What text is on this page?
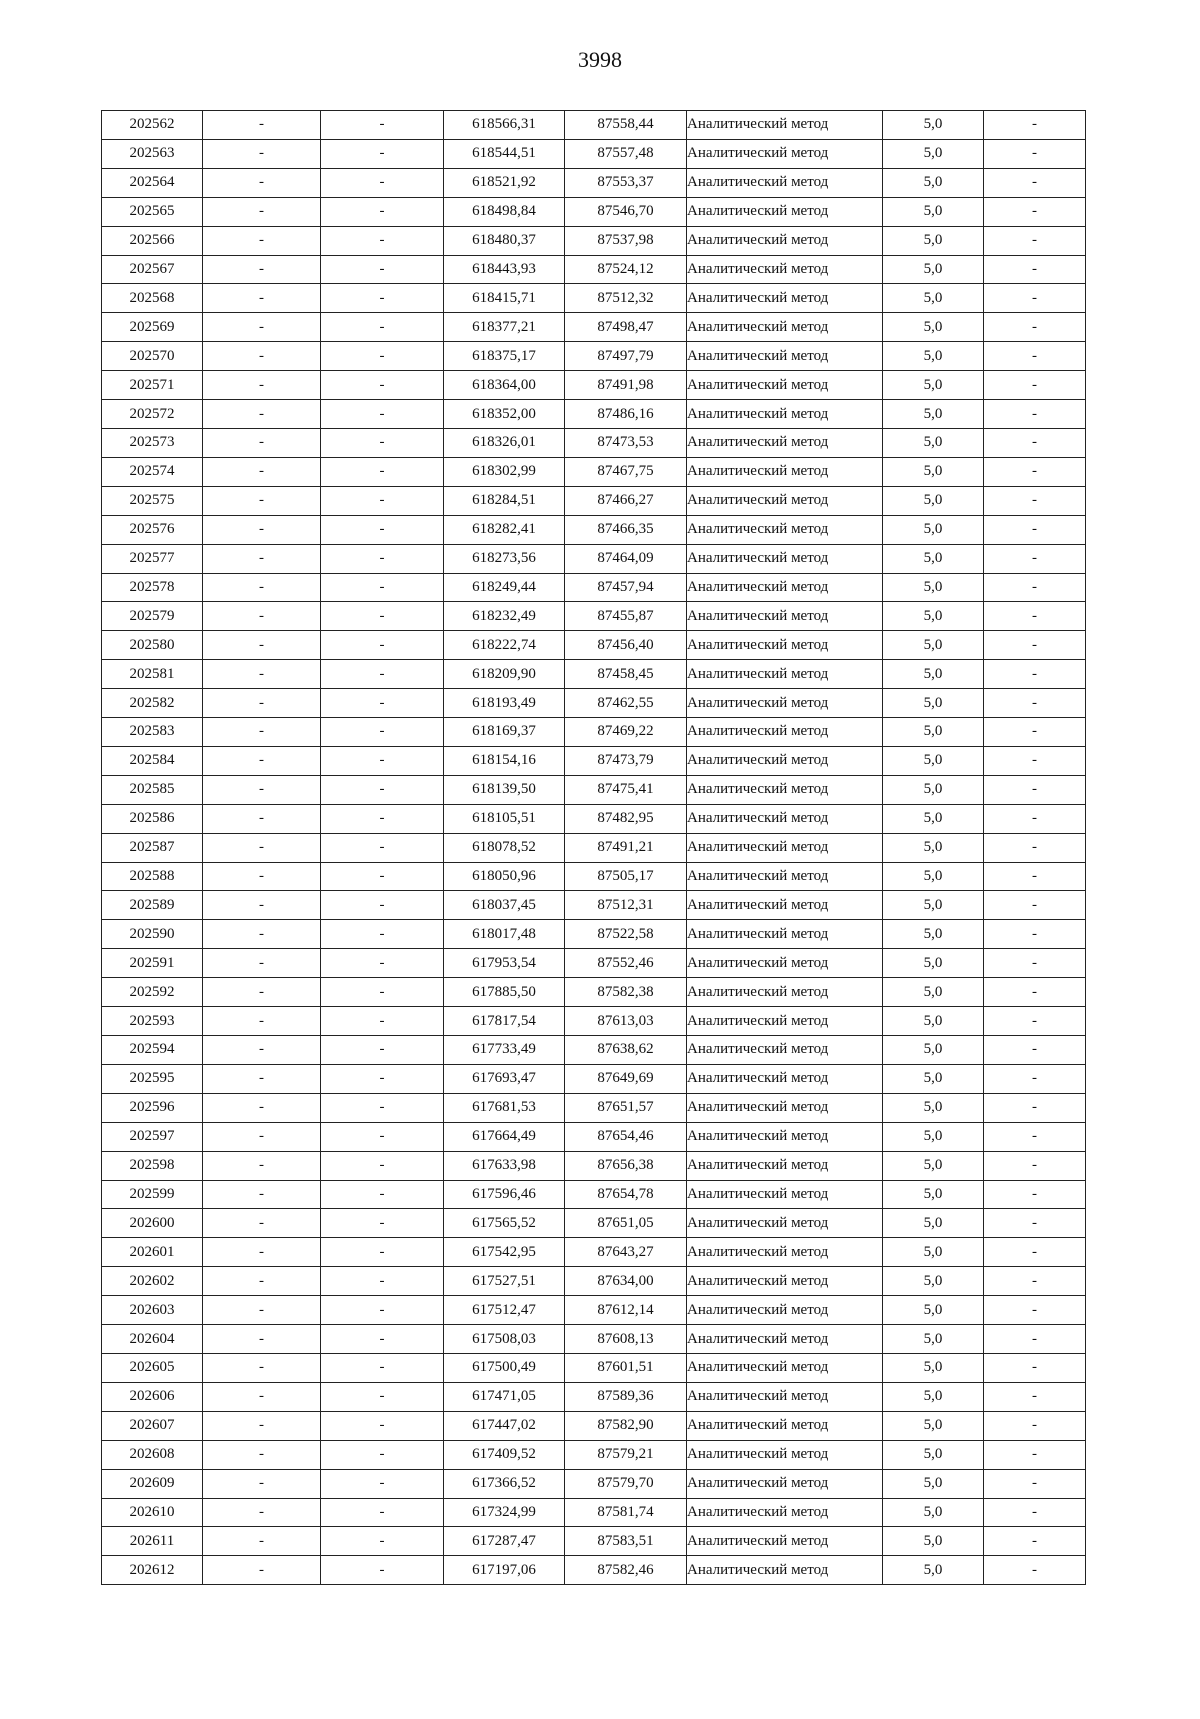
3998
202562	-	-	618566,31	87558,44	Аналитический метод	5,0	-
202563	-	-	618544,51	87557,48	Аналитический метод	5,0	-
202564	-	-	618521,92	87553,37	Аналитический метод	5,0	-
202565	-	-	618498,84	87546,70	Аналитический метод	5,0	-
202566	-	-	618480,37	87537,98	Аналитический метод	5,0	-
202567	-	-	618443,93	87524,12	Аналитический метод	5,0	-
202568	-	-	618415,71	87512,32	Аналитический метод	5,0	-
202569	-	-	618377,21	87498,47	Аналитический метод	5,0	-
202570	-	-	618375,17	87497,79	Аналитический метод	5,0	-
202571	-	-	618364,00	87491,98	Аналитический метод	5,0	-
202572	-	-	618352,00	87486,16	Аналитический метод	5,0	-
202573	-	-	618326,01	87473,53	Аналитический метод	5,0	-
202574	-	-	618302,99	87467,75	Аналитический метод	5,0	-
202575	-	-	618284,51	87466,27	Аналитический метод	5,0	-
202576	-	-	618282,41	87466,35	Аналитический метод	5,0	-
202577	-	-	618273,56	87464,09	Аналитический метод	5,0	-
202578	-	-	618249,44	87457,94	Аналитический метод	5,0	-
202579	-	-	618232,49	87455,87	Аналитический метод	5,0	-
202580	-	-	618222,74	87456,40	Аналитический метод	5,0	-
202581	-	-	618209,90	87458,45	Аналитический метод	5,0	-
202582	-	-	618193,49	87462,55	Аналитический метод	5,0	-
202583	-	-	618169,37	87469,22	Аналитический метод	5,0	-
202584	-	-	618154,16	87473,79	Аналитический метод	5,0	-
202585	-	-	618139,50	87475,41	Аналитический метод	5,0	-
202586	-	-	618105,51	87482,95	Аналитический метод	5,0	-
202587	-	-	618078,52	87491,21	Аналитический метод	5,0	-
202588	-	-	618050,96	87505,17	Аналитический метод	5,0	-
202589	-	-	618037,45	87512,31	Аналитический метод	5,0	-
202590	-	-	618017,48	87522,58	Аналитический метод	5,0	-
202591	-	-	617953,54	87552,46	Аналитический метод	5,0	-
202592	-	-	617885,50	87582,38	Аналитический метод	5,0	-
202593	-	-	617817,54	87613,03	Аналитический метод	5,0	-
202594	-	-	617733,49	87638,62	Аналитический метод	5,0	-
202595	-	-	617693,47	87649,69	Аналитический метод	5,0	-
202596	-	-	617681,53	87651,57	Аналитический метод	5,0	-
202597	-	-	617664,49	87654,46	Аналитический метод	5,0	-
202598	-	-	617633,98	87656,38	Аналитический метод	5,0	-
202599	-	-	617596,46	87654,78	Аналитический метод	5,0	-
202600	-	-	617565,52	87651,05	Аналитический метод	5,0	-
202601	-	-	617542,95	87643,27	Аналитический метод	5,0	-
202602	-	-	617527,51	87634,00	Аналитический метод	5,0	-
202603	-	-	617512,47	87612,14	Аналитический метод	5,0	-
202604	-	-	617508,03	87608,13	Аналитический метод	5,0	-
202605	-	-	617500,49	87601,51	Аналитический метод	5,0	-
202606	-	-	617471,05	87589,36	Аналитический метод	5,0	-
202607	-	-	617447,02	87582,90	Аналитический метод	5,0	-
202608	-	-	617409,52	87579,21	Аналитический метод	5,0	-
202609	-	-	617366,52	87579,70	Аналитический метод	5,0	-
202610	-	-	617324,99	87581,74	Аналитический метод	5,0	-
202611	-	-	617287,47	87583,51	Аналитический метод	5,0	-
202612	-	-	617197,06	87582,46	Аналитический метод	5,0	-
